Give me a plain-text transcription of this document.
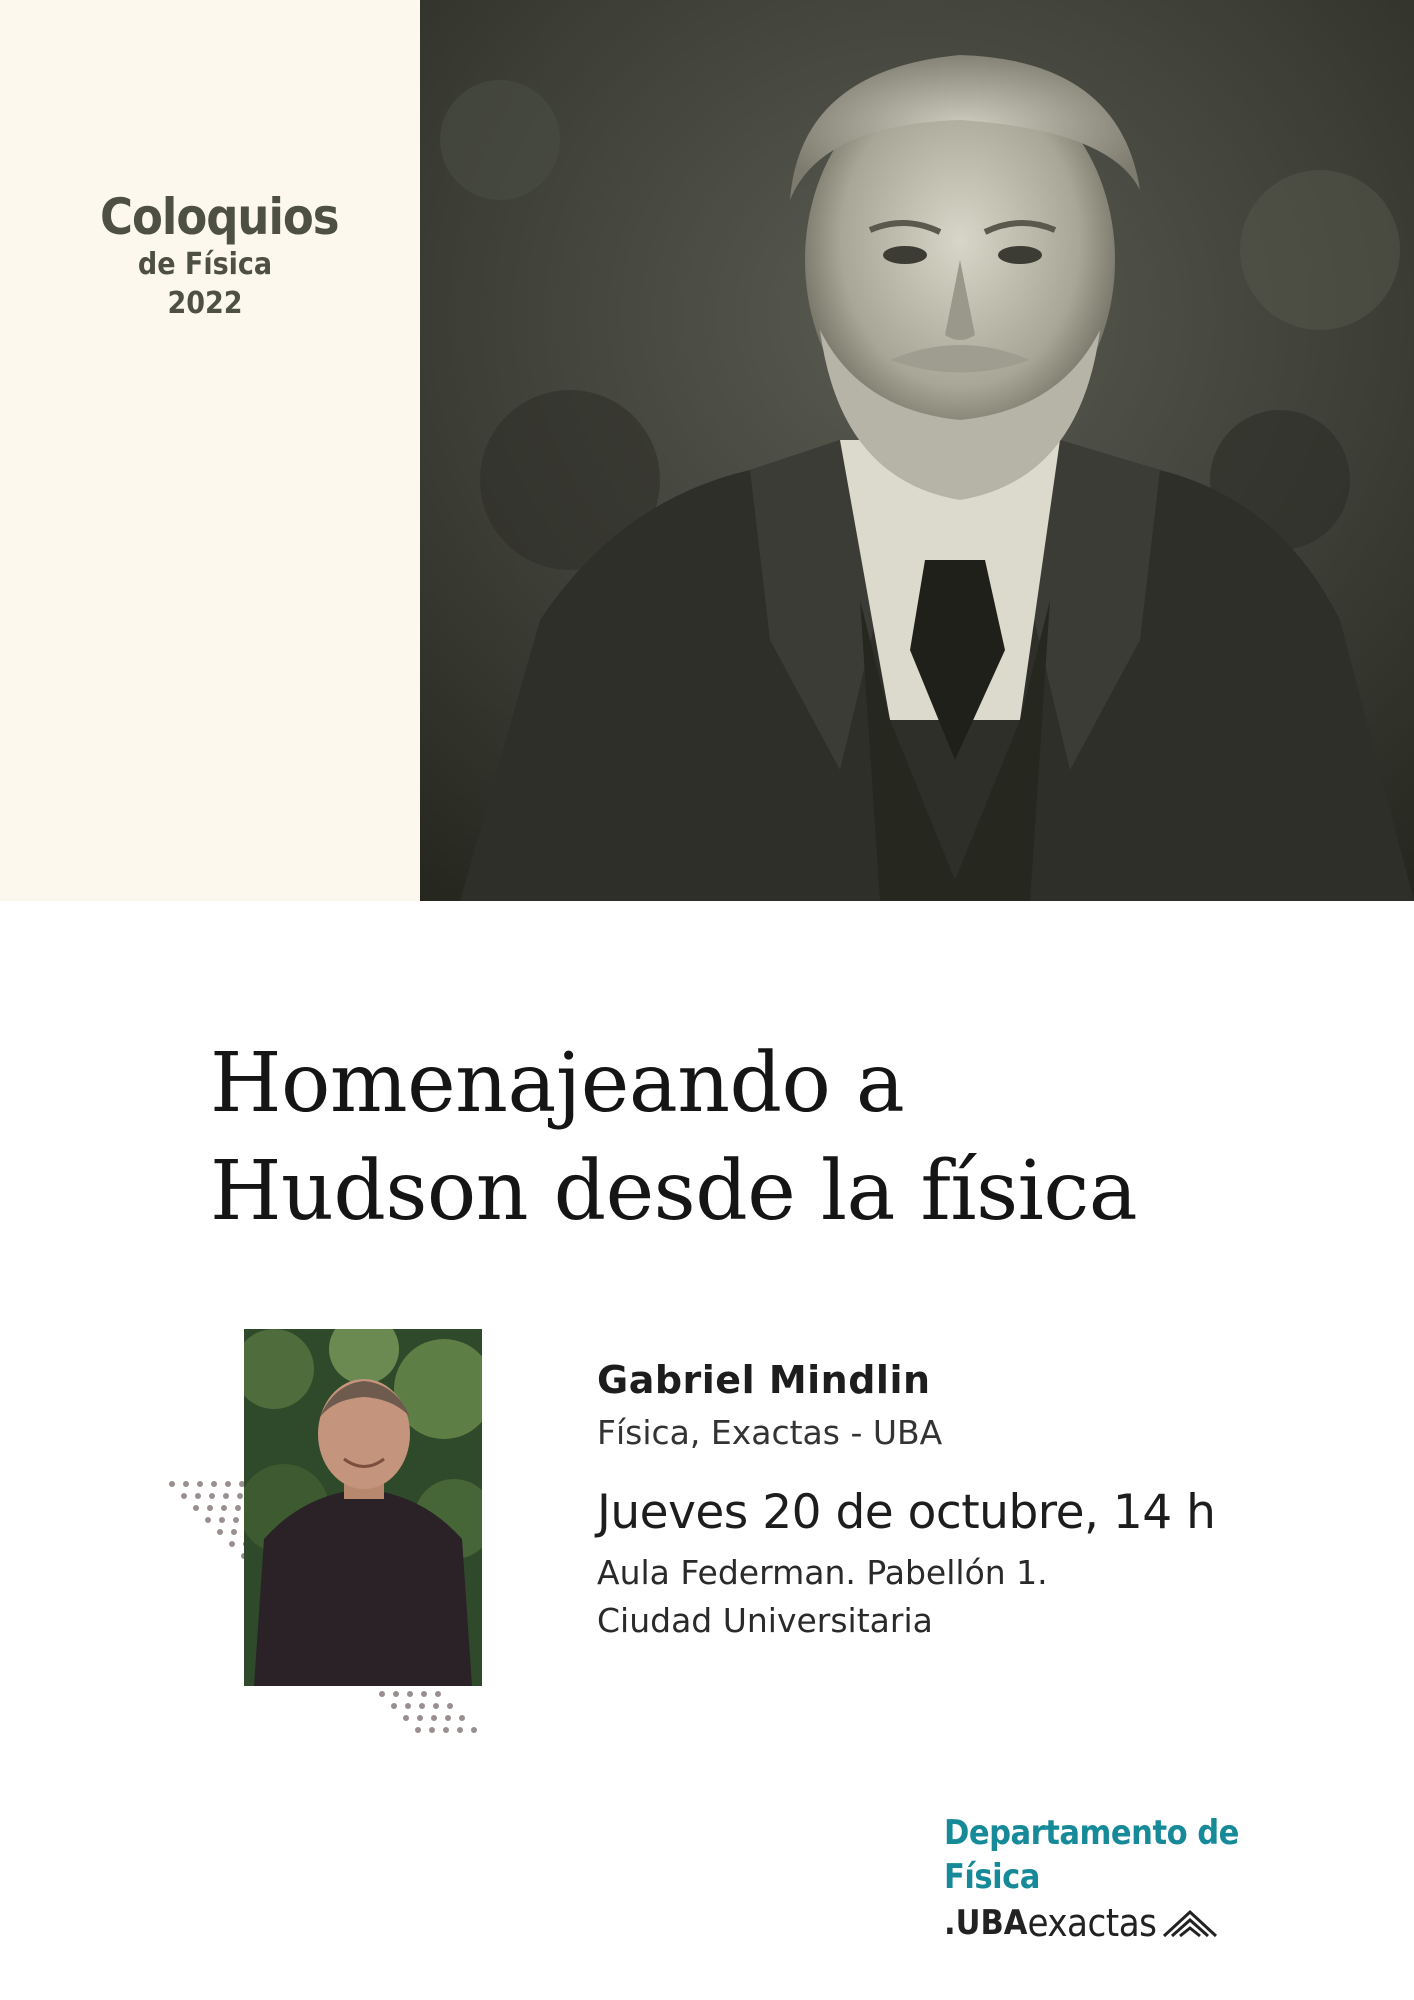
Coloquios
de Física 2022
Homenajeando a
Hudson desde la física
Gabriel Mindlin
Física, Exactas - UBA
Jueves 20 de octubre, 14 h
Aula Federman. Pabellón 1.
Ciudad Universitaria
Departamento de Física
.UBA exactas
